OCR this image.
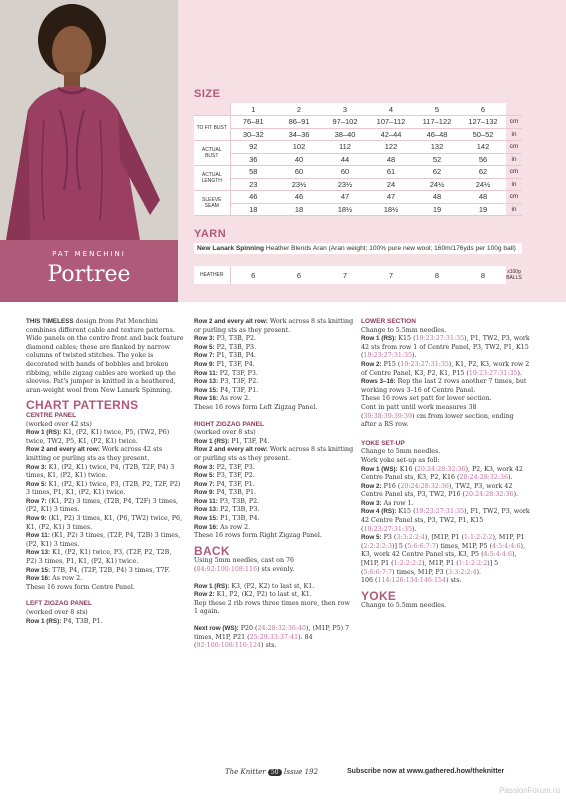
PAT MENCHINI
Portree
SIZE
	1	2	3	4	5	6	
TO FIT BUST	76–81	86–91	97–102	107–112	117–122	127–132	cm
	30–32	34–36	38–40	42–44	46–48	50–52	in
ACTUAL BUST	92	102	112	122	132	142	cm
	36	40	44	48	52	56	in
ACTUAL LENGTH	58	60	60	61	62	62	cm
	23	23½	23½	24	24½	24½	in
SLEEVE SEAM	46	46	47	47	48	48	cm
	18	18	18½	18½	19	19	in
YARN
New Lanark Spinning Heather Blends Aran (Aran weight; 100% pure new wool; 160m/176yds per 100g ball)
HEATHER	6	6	7	7	8	8	x100g BALLS

THIS TIMELESS design from Pat Menchini combines different cable and texture patterns. Wide panels on the centre front and back feature diamond cables; these are flanked by narrow columns of twisted stitches. The yoke is decorated with bands of bobbles and broken ribbing, while zigzag cables are worked up the sleeves. Pat's jumper is knitted in a heathered, aran-weight wool from New Lanark Spinning.

CHART PATTERNS
CENTRE PANEL

(worked over 42 sts)

Row 1 (RS): K1, (P2, K1) twice, P5, (TW2, P6) twice, TW2, P5, K1, (P2, K1) twice.

Row 2 and every alt row: Work across 42 sts knitting or purling sts as they present.

Row 3: K1, (P2, K1) twice, P4, (T2B, T2F, P4) 3 times, K1, (P2, K1) twice.

Row 5: K1, (P2, K1) twice, P3, (T2B, P2, T2F, P2) 3 times, P1, K1, (P2, K1) twice.

Row 7: (K1, P2) 3 times, (T2B, P4, T2F) 3 times, (P2, K1) 3 times.

Row 9: (K1, P2) 3 times, K1, (P6, TW2) twice, P6, K1, (P2, K1) 3 times.

Row 11: (K1, P2) 3 times, (T2F, P4, T2B) 3 times, (P2, K1) 3 times.

Row 13: K1, (P2, K1) twice, P3, (T2F, P2, T2B, P2) 3 times, P1, K1, (P2, K1) twice.

Row 15: T7B, P4, (T2F, T2B, P4) 3 times, T7F.

Row 16: As row 2.

These 16 rows form Centre Panel.

LEFT ZIGZAG PANEL

(worked over 8 sts)

Row 1 (RS): P4, T3B, P1.

Row 2 and every alt row: Work across 8 sts knitting or purling sts as they present.

Row 3: P3, T3B, P2.

Row 5: P2, T3B, P3.

Row 7: P1, T3B, P4.

Row 9: P1, T3F, P4.

Row 11: P2, T3F, P3.

Row 13: P3, T3F, P2.

Row 15: P4, T3F, P1.

Row 16: As row 2.

These 16 rows form Left Zigzag Panel.

RIGHT ZIGZAG PANEL

(worked over 8 sts)

Row 1 (RS): P1, T3F, P4.

Row 2 and every alt row: Work across 8 sts knitting or purling sts as they present.

Row 3: P2, T3F, P3.

Row 5: P3, T3F, P2.

Row 7: P4, T3F, P1.

Row 9: P4, T3B, P1.

Row 11: P3, T3B, P2.

Row 13: P2, T3B, P3.

Row 15: P1, T3B, P4.

Row 16: As row 2.

These 16 rows form Right Zigzag Panel.

BACK

Using 5mm needles, cast on 76 (84:92:100:108:116) sts evenly.

Row 1 (RS): K3, (P2, K2) to last st, K1.

Row 2: K1, P2, (K2, P2) to last st, K1.

Rep these 2 rib rows three times more, then row 1 again.

Next row (WS): P20 (24:28:32:36:40), (M1P, P5) 7 times, M1P, P21 (25:29:33:37:41). 84 (92:100:108:116:124) sts.

LOWER SECTION

Change to 5.5mm needles.

Row 1 (RS): K15 (19:23:27:31:35), P1, TW2, P3, work 42 sts from row 1 of Centre Panel, P3, TW2, P1, K15 (19:23:27:31:35).

Row 2: P15 (19:23:27:31:35), K1, P2, K3, work row 2 of Centre Panel, K3, P2, K1, P15 (19:23:27:31:35).

Rows 3–16: Rep the last 2 rows another 7 times, but working rows 3–16 of Centre Panel.

These 16 rows set patt for lower section.

Cont in patt until work measures 38 (39:38:39:39:39) cm from lower section, ending after a RS row.

YOKE SET-UP

Change to 5mm needles.

Work yoke set-up as foll:

Row 1 (WS): K16 (20:24:28:32:36), P2, K3, work 42 Centre Panel sts, K3, P2, K16 (20:24:28:32:36).

Row 2: P16 (20:24:28:32:36), TW2, P3, work 42 Centre Panel sts, P3, TW2, P16 (20:24:28:32:36).

Row 3: As row 1.

Row 4 (RS): K15 (19:23:27:31:35), P1, TW2, P3, work 42 Centre Panel sts, P3, TW2, P1, K15 (19:23:27:31:35).

Row 5: P3 (3:3:2:2:4), [M1P, P1 (1:1:2:2:2), M1P, P1 (2:2:2:2:3)] 5 (5:6:6:7:7) times, M1P, P5 (4:5:4:4:6), K3, work 42 Centre Panel sts, K3, P5 (4:5:4:4:6), [M1P, P1 (1:2:2:2:2), M1P, P1 (1:1:2:2:2)] 5 (5:6:6:7:7) times, M1P, P3 (3:3:2:2:4).

106 (114:126:134:146:154) sts.

YOKE

Change to 5.5mm needles.

The Knitter 50 Issue 192	Subscribe now at www.gathered.how/theknitter
PassionForum.ru
